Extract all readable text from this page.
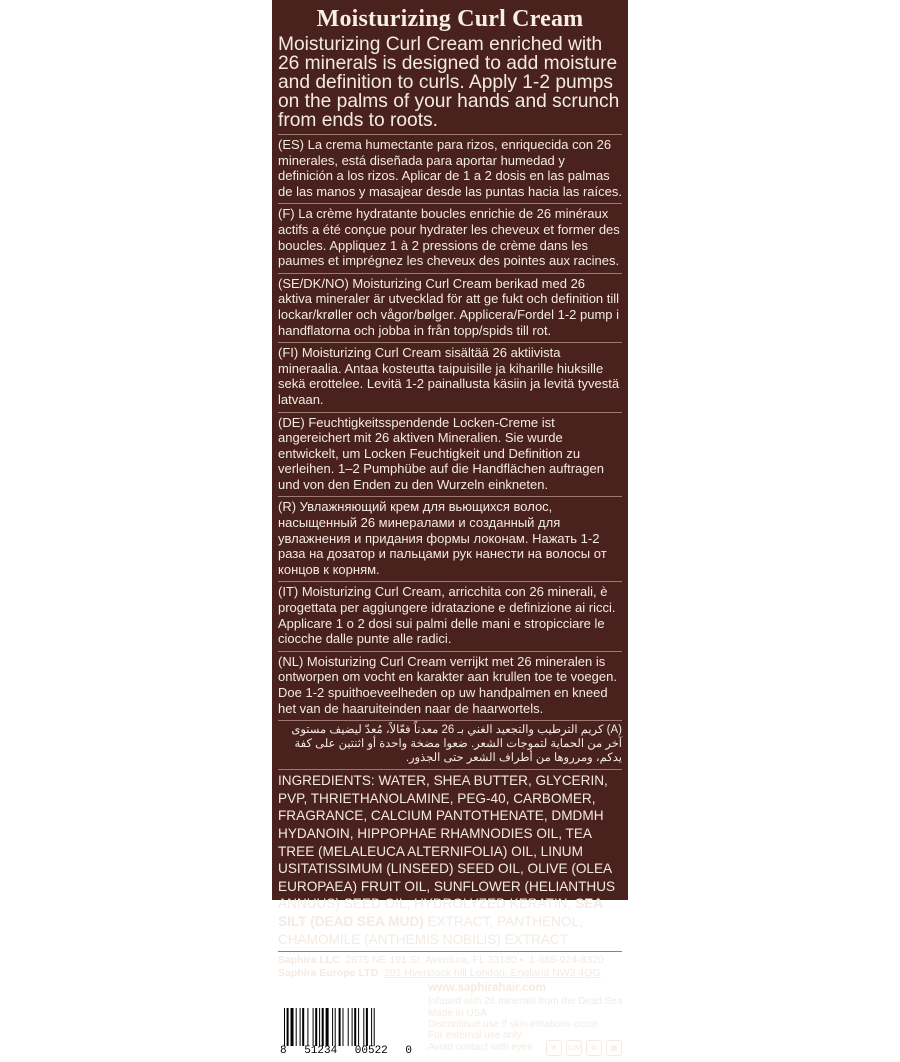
Moisturizing Curl Cream

Moisturizing Curl Cream enriched with 26 minerals is designed to add moisture and definition to curls. Apply 1-2 pumps on the palms of your hands and scrunch from ends to roots.

(ES) La crema humectante para rizos, enriquecida con 26 minerales, está diseñada para aportar humedad y definición a los rizos. Aplicar de 1 a 2 dosis en las palmas de las manos y masajear desde las puntas hacia las raíces.

(F) La crème hydratante boucles enrichie de 26 minéraux actifs a été conçue pour hydrater les cheveux et former des boucles. Appliquez 1 à 2 pressions de crème dans les paumes et imprégnez les cheveux des pointes aux racines.

(SE/DK/NO) Moisturizing Curl Cream berikad med 26 aktiva mineraler är utvecklad för att ge fukt och definition till lockar/krøller och vågor/bølger. Applicera/Fordel 1-2 pump i handflatorna och jobba in från topp/spids till rot.

(FI) Moisturizing Curl Cream sisältää 26 aktiivista mineraalia. Antaa kosteutta taipuisille ja kiharille hiuksille sekä erottelee. Levitä 1-2 painallusta käsiin ja levitä tyvestä latvaan.

(DE) Feuchtigkeitsspendende Locken-Creme ist angereichert mit 26 aktiven Mineralien. Sie wurde entwickelt, um Locken Feuchtigkeit und Definition zu verleihen. 1–2 Pumphübe auf die Handflächen auftragen und von den Enden zu den Wurzeln einkneten.

(R) Увлажняющий крем для вьющихся волос, насыщенный 26 минералами и созданный для увлажнения и придания формы локонам. Нажать 1-2 раза на дозатор и пальцами рук нанести на волосы от концов к корням.

(IT) Moisturizing Curl Cream, arricchita con 26 minerali, è progettata per aggiungere idratazione e definizione ai ricci. Applicare 1 o 2 dosi sui palmi delle mani e stropicciare le ciocche dalle punte alle radici.

(NL) Moisturizing Curl Cream verrijkt met 26 mineralen is ontworpen om vocht en karakter aan krullen toe te voegen. Doe 1-2 spuithoeveelheden op uw handpalmen en kneed het van de haaruiteinden naar de haarwortels.

(A) كريم الترطيب والتجعيد الغني بـ 26 معدناً فعّالاً، مُعدّ ليضيف مستوى آخر من الحماية لتموجات الشعر. ضعوا مضخة واحدة أو اثنتين على كفة يدكم، ومرروها من أطراف الشعر حتى الجذور.

INGREDIENTS: WATER, SHEA BUTTER, GLYCERIN, PVP, THRIETHANOLAMINE, PEG-40, CARBOMER, FRAGRANCE, CALCIUM PANTOTHENATE, DMDMH HYDANOIN, HIPPOPHAE RHAMNODIES OIL, TEA TREE (MELALEUCA ALTERNIFOLIA) OIL, LINUM USITATISSIMUM (LINSEED) SEED OIL, OLIVE (OLEA EUROPAEA) FRUIT OIL, SUNFLOWER (HELIANTHUS ANNUUS) SEED OIL, HYDROLYZED KERATIN, SEA SILT (DEAD SEA MUD) EXTRACT, PANTHENOL, CHAMOMILE (ANTHEMIS NOBILIS) EXTRACT

Saphira LLC 2875 NE 191 St. Aventura, FL 33180 •  1-888-924-8320
Saphira Europe LTD 201 Hverstock hill London, England NW3 4QG
8 51234 00522 0
www.saphirahair.com
Infused with 26 minerals from the Dead Sea
Made in USA
Discontinue use if skin irritations occur
For external use only
Avoid contact with eyes	❦	12M	♻	▦
